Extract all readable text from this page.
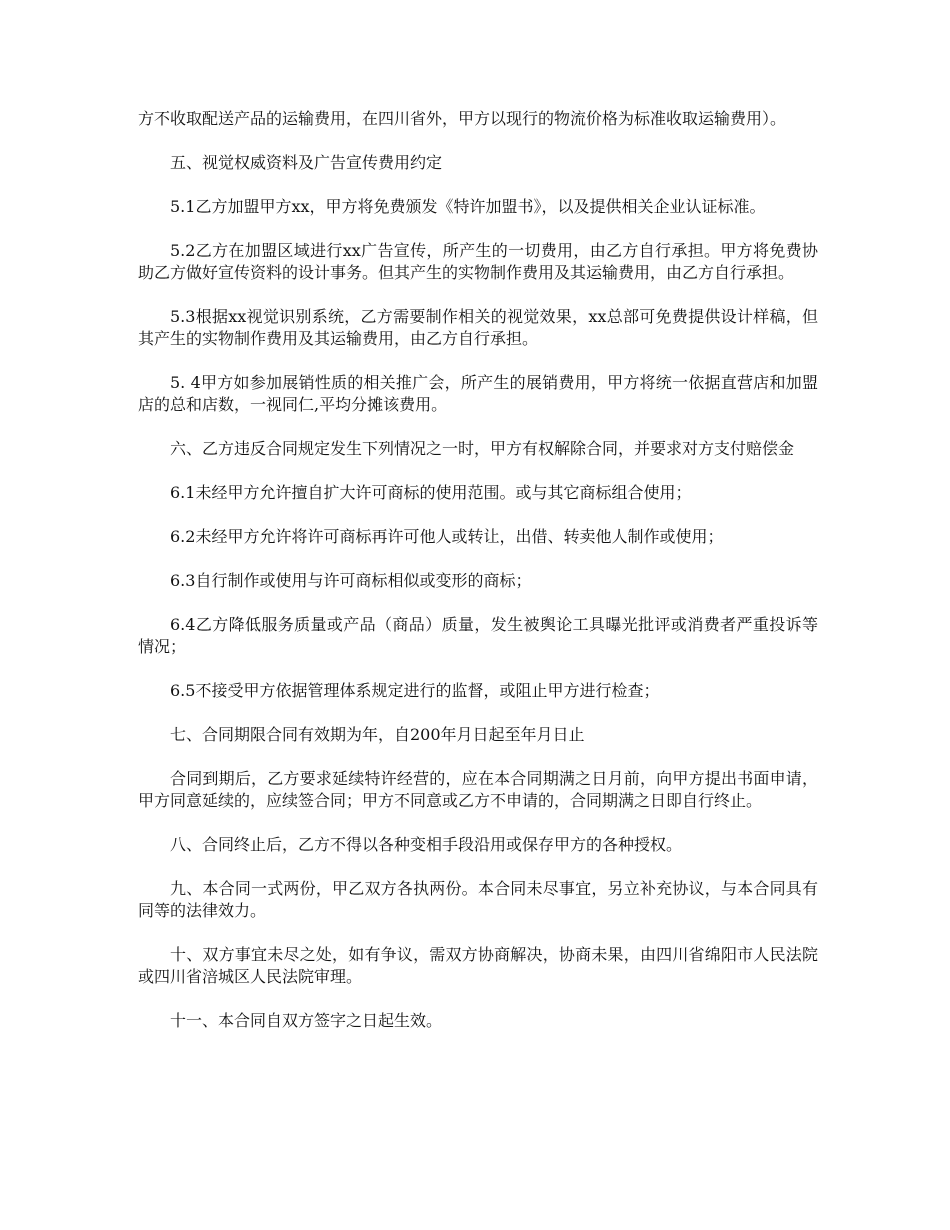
方不收取配送产品的运输费用，在四川省外，甲方以现行的物流价格为标准收取运输费用）。

五、视觉权威资料及广告宣传费用约定

5.1乙方加盟甲方xx，甲方将免费颁发《特许加盟书》，以及提供相关企业认证标准。

5.2乙方在加盟区域进行xx广告宣传，所产生的一切费用，由乙方自行承担。甲方将免费协助乙方做好宣传资料的设计事务。但其产生的实物制作费用及其运输费用，由乙方自行承担。

5.3根据xx视觉识别系统，乙方需要制作相关的视觉效果，xx总部可免费提供设计样稿，但其产生的实物制作费用及其运输费用，由乙方自行承担。

5. 4甲方如参加展销性质的相关推广会，所产生的展销费用，甲方将统一依据直营店和加盟店的总和店数，一视同仁,平均分摊该费用。

六、乙方违反合同规定发生下列情况之一时，甲方有权解除合同，并要求对方支付赔偿金

6.1未经甲方允许擅自扩大许可商标的使用范围。或与其它商标组合使用；

6.2未经甲方允许将许可商标再许可他人或转让，出借、转卖他人制作或使用；

6.3自行制作或使用与许可商标相似或变形的商标；

6.4乙方降低服务质量或产品（商品）质量，发生被舆论工具曝光批评或消费者严重投诉等情况；

6.5不接受甲方依据管理体系规定进行的监督，或阻止甲方进行检查；

七、合同期限合同有效期为年，自200年月日起至年月日止

合同到期后，乙方要求延续特许经营的，应在本合同期满之日月前，向甲方提出书面申请，甲方同意延续的，应续签合同；甲方不同意或乙方不申请的，合同期满之日即自行终止。

八、合同终止后，乙方不得以各种变相手段沿用或保存甲方的各种授权。

九、本合同一式两份，甲乙双方各执两份。本合同未尽事宜，另立补充协议，与本合同具有同等的法律效力。

十、双方事宜未尽之处，如有争议，需双方协商解决，协商未果，由四川省绵阳市人民法院或四川省涪城区人民法院审理。

十一、本合同自双方签字之日起生效。
